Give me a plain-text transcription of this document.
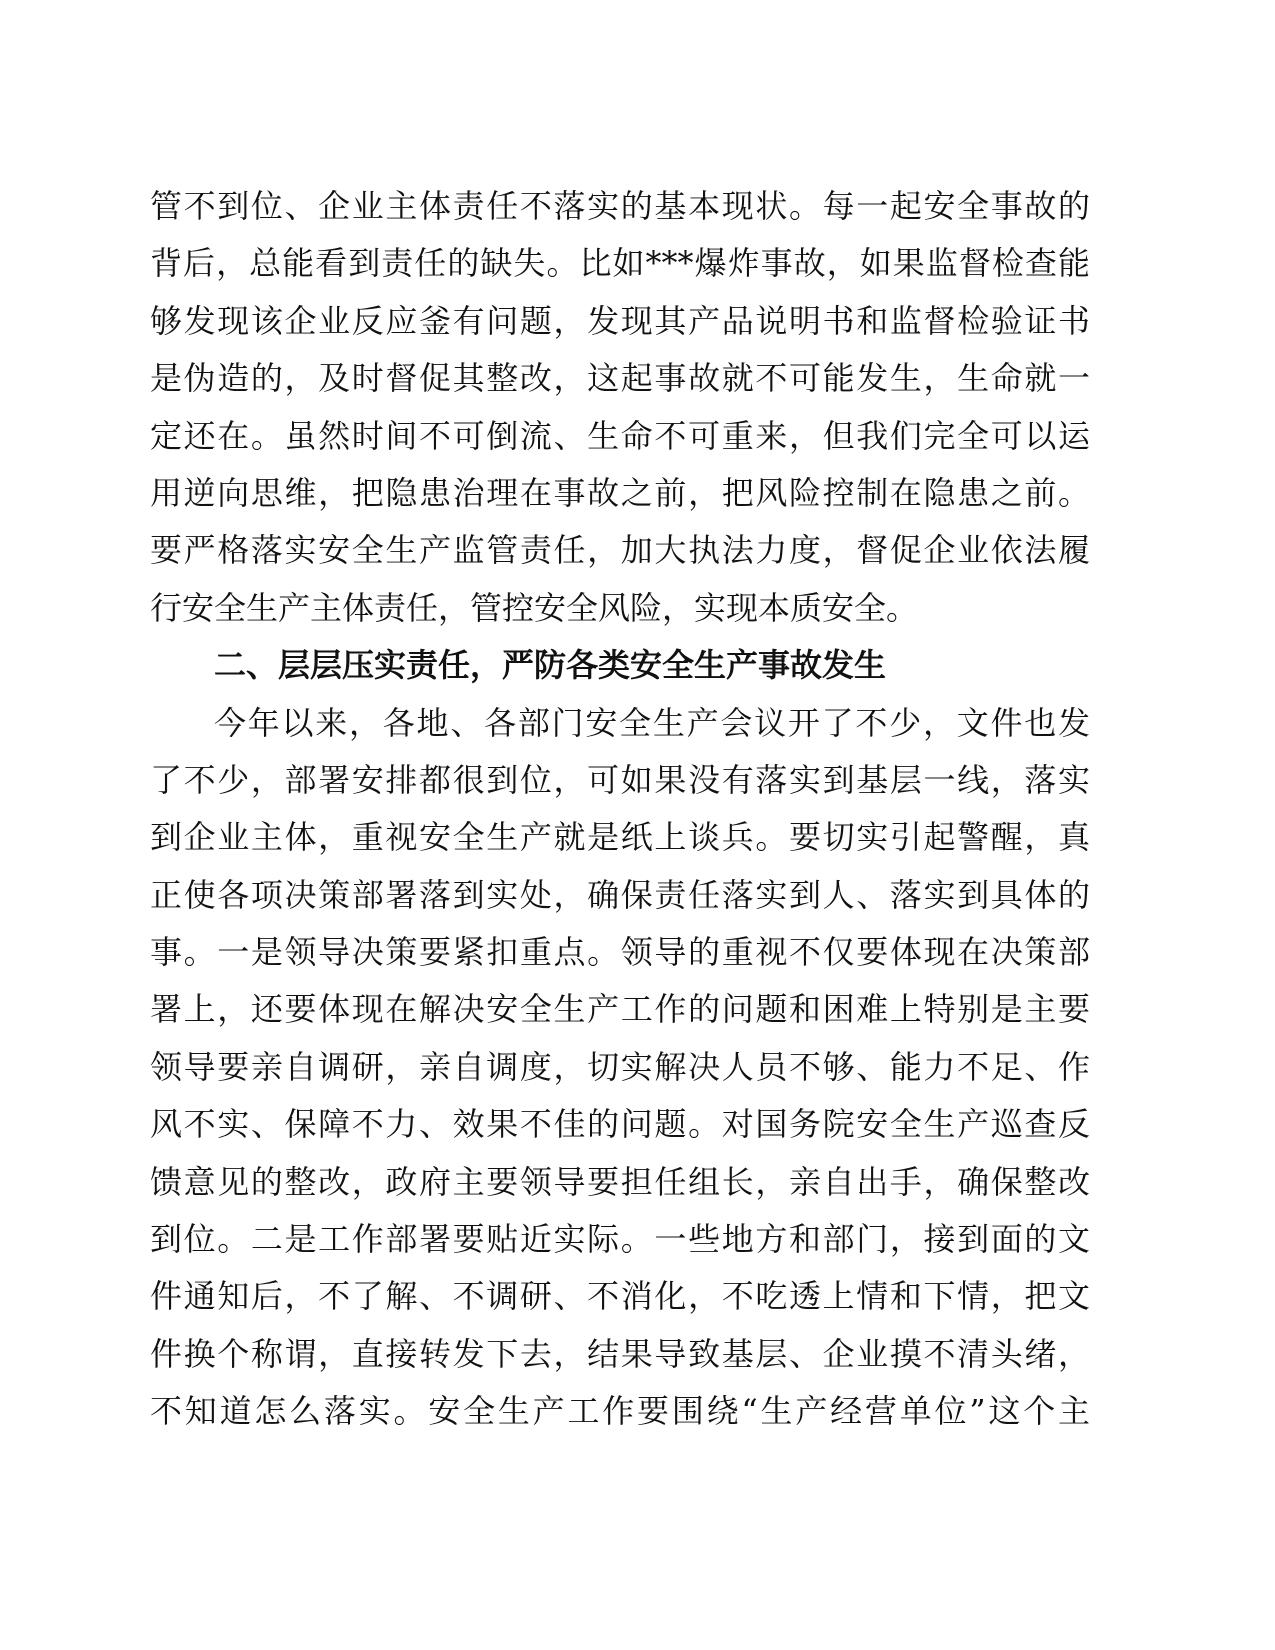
管不到位、企业主体责任不落实的基本现状。每一起安全事故的
背后，总能看到责任的缺失。比如***爆炸事故，如果监督检查能
够发现该企业反应釜有问题，发现其产品说明书和监督检验证书
是伪造的，及时督促其整改，这起事故就不可能发生，生命就一
定还在。虽然时间不可倒流、生命不可重来，但我们完全可以运
用逆向思维，把隐患治理在事故之前，把风险控制在隐患之前。
要严格落实安全生产监管责任，加大执法力度，督促企业依法履
行安全生产主体责任，管控安全风险，实现本质安全。
二、层层压实责任，严防各类安全生产事故发生
今年以来，各地、各部门安全生产会议开了不少，文件也发
了不少，部署安排都很到位，可如果没有落实到基层一线，落实
到企业主体，重视安全生产就是纸上谈兵。要切实引起警醒，真
正使各项决策部署落到实处，确保责任落实到人、落实到具体的
事。一是领导决策要紧扣重点。领导的重视不仅要体现在决策部
署上，还要体现在解决安全生产工作的问题和困难上特别是主要
领导要亲自调研，亲自调度，切实解决人员不够、能力不足、作
风不实、保障不力、效果不佳的问题。对国务院安全生产巡查反
馈意见的整改，政府主要领导要担任组长，亲自出手，确保整改
到位。二是工作部署要贴近实际。一些地方和部门，接到面的文
件通知后，不了解、不调研、不消化，不吃透上情和下情，把文
件换个称谓，直接转发下去，结果导致基层、企业摸不清头绪，
不知道怎么落实。安全生产工作要围绕“生产经营单位”这个主
